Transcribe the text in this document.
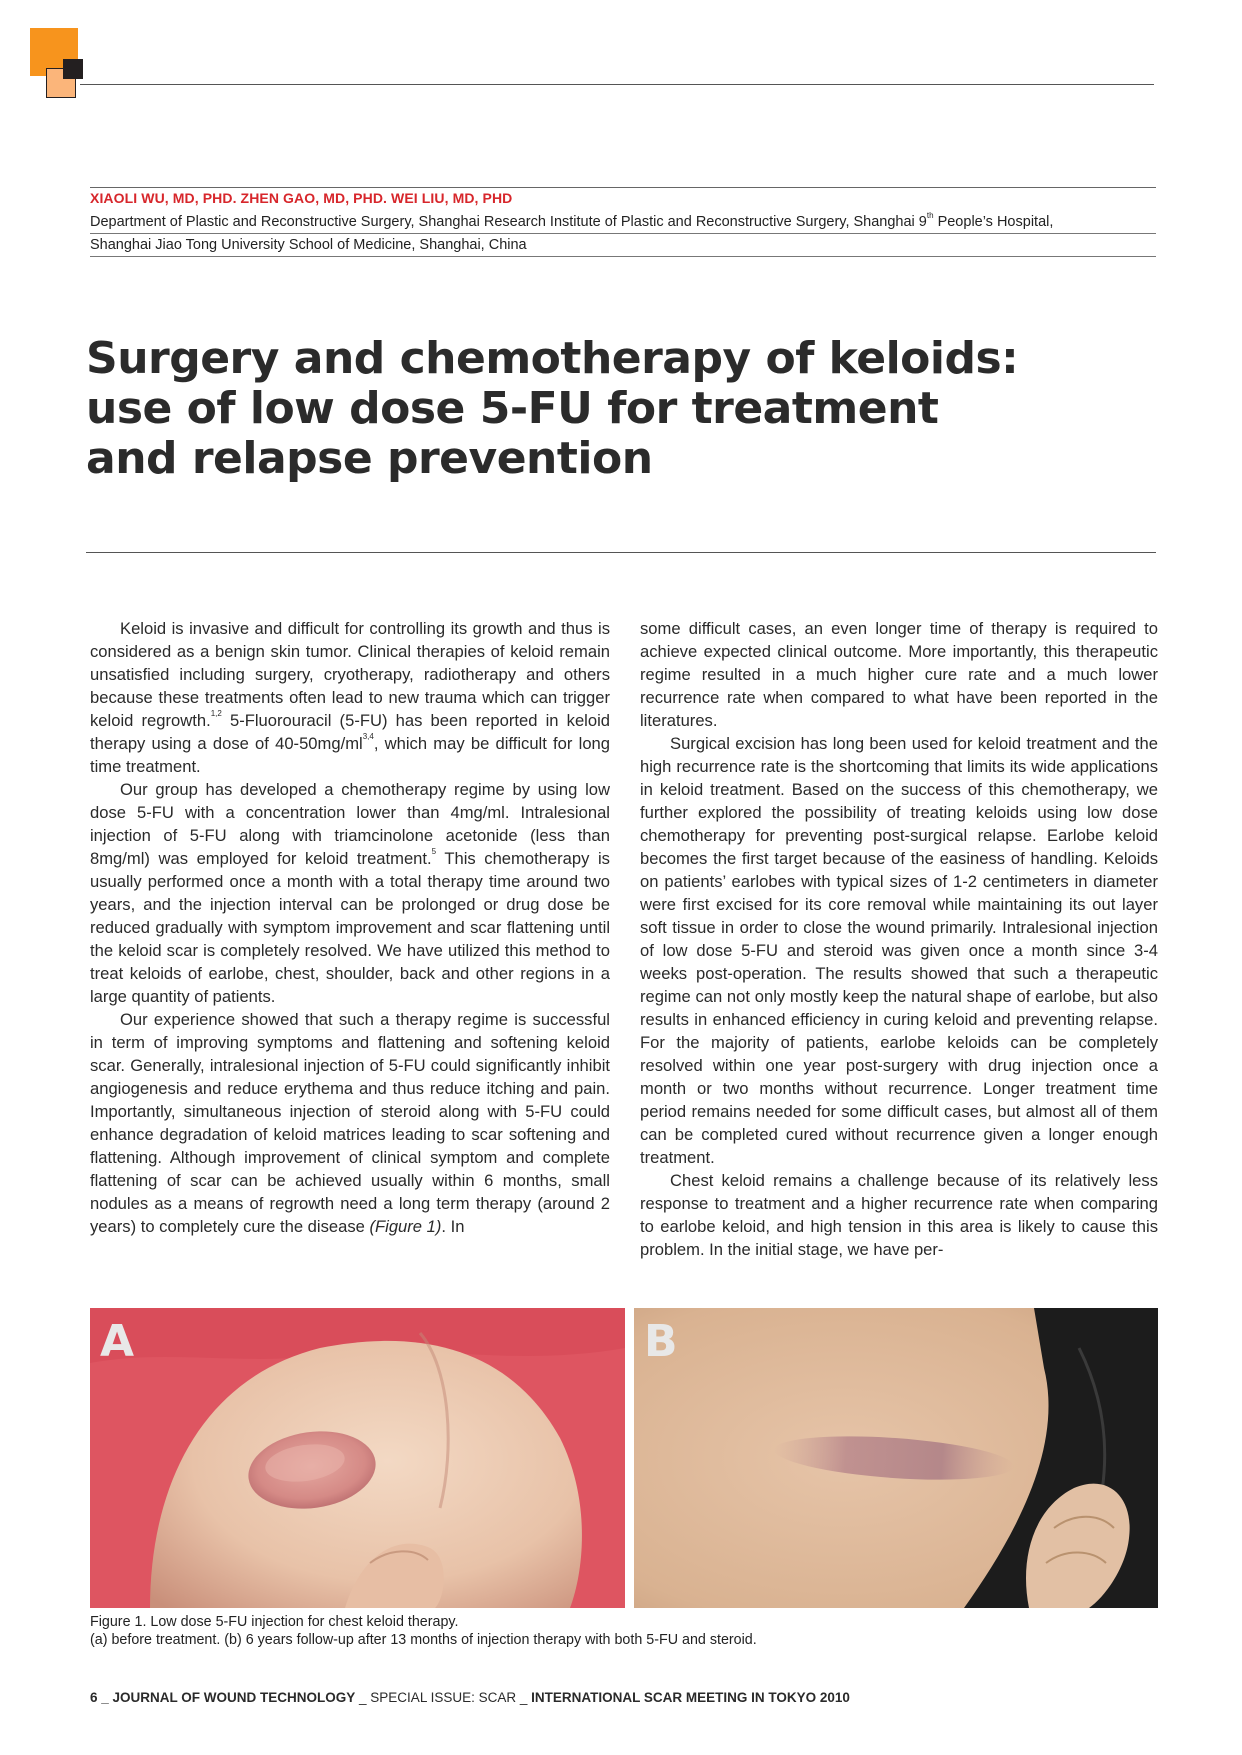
XIAOLI WU, MD, PHD. ZHEN GAO, MD, PHD. WEI LIU, MD, PHD
Department of Plastic and Reconstructive Surgery, Shanghai Research Institute of Plastic and Reconstructive Surgery, Shanghai 9th People’s Hospital,
Shanghai Jiao Tong University School of Medicine, Shanghai, China
Surgery and chemotherapy of keloids:
use of low dose 5-FU for treatment
and relapse prevention

Keloid is invasive and difficult for controlling its growth and thus is considered as a benign skin tumor. Clinical therapies of keloid remain unsatisfied including surgery, cryotherapy, radiotherapy and others because these treatments often lead to new trauma which can trigger keloid regrowth.$^{1,2}$ 5-Fluorouracil (5-FU) has been reported in keloid therapy using a dose of 40-50mg/ml$^{3,4}$, which may be difficult for long time treatment.

Our group has developed a chemotherapy regime by using low dose 5-FU with a concentration lower than 4mg/ml. Intralesional injection of 5-FU along with triamcinolone acetonide (less than 8mg/ml) was employed for keloid treatment.$^5$ This chemotherapy is usually performed once a month with a total therapy time around two years, and the injection interval can be prolonged or drug dose be reduced gradually with symptom improvement and scar flattening until the keloid scar is completely resolved. We have utilized this method to treat keloids of earlobe, chest, shoulder, back and other regions in a large quantity of patients.

Our experience showed that such a therapy regime is successful in term of improving symptoms and flattening and softening keloid scar. Generally, intralesional injection of 5-FU could significantly inhibit angiogenesis and reduce erythema and thus reduce itching and pain. Importantly, simultaneous injection of steroid along with 5-FU could enhance degradation of keloid matrices leading to scar softening and flattening. Although improvement of clinical symptom and complete flattening of scar can be achieved usually within 6 months, small nodules as a means of regrowth need a long term therapy (around 2 years) to completely cure the disease (Figure 1). In

some difficult cases, an even longer time of therapy is required to achieve expected clinical outcome. More importantly, this therapeutic regime resulted in a much higher cure rate and a much lower recurrence rate when compared to what have been reported in the literatures.

Surgical excision has long been used for keloid treatment and the high recurrence rate is the shortcoming that limits its wide applications in keloid treatment. Based on the success of this chemotherapy, we further explored the possibility of treating keloids using low dose chemotherapy for preventing post-surgical relapse. Earlobe keloid becomes the first target because of the easiness of handling. Keloids on patients’ earlobes with typical sizes of 1-2 centimeters in diameter were first excised for its core removal while maintaining its out layer soft tissue in order to close the wound primarily. Intralesional injection of low dose 5-FU and steroid was given once a month since 3-4 weeks post-operation. The results showed that such a therapeutic regime can not only mostly keep the natural shape of earlobe, but also results in enhanced efficiency in curing keloid and preventing relapse. For the majority of patients, earlobe keloids can be completely resolved within one year post-surgery with drug injection once a month or two months without recurrence. Longer treatment time period remains needed for some difficult cases, but almost all of them can be completed cured without recurrence given a longer enough treatment.

Chest keloid remains a challenge because of its relatively less response to treatment and a higher recurrence rate when comparing to earlobe keloid, and high tension in this area is likely to cause this problem. In the initial stage, we have per-

A	B
Figure 1. Low dose 5-FU injection for chest keloid therapy.
(a) before treatment. (b) 6 years follow-up after 13 months of injection therapy with both 5-FU and steroid.
6 _ JOURNAL OF WOUND TECHNOLOGY _ SPECIAL ISSUE: SCAR _ INTERNATIONAL SCAR MEETING IN TOKYO 2010
